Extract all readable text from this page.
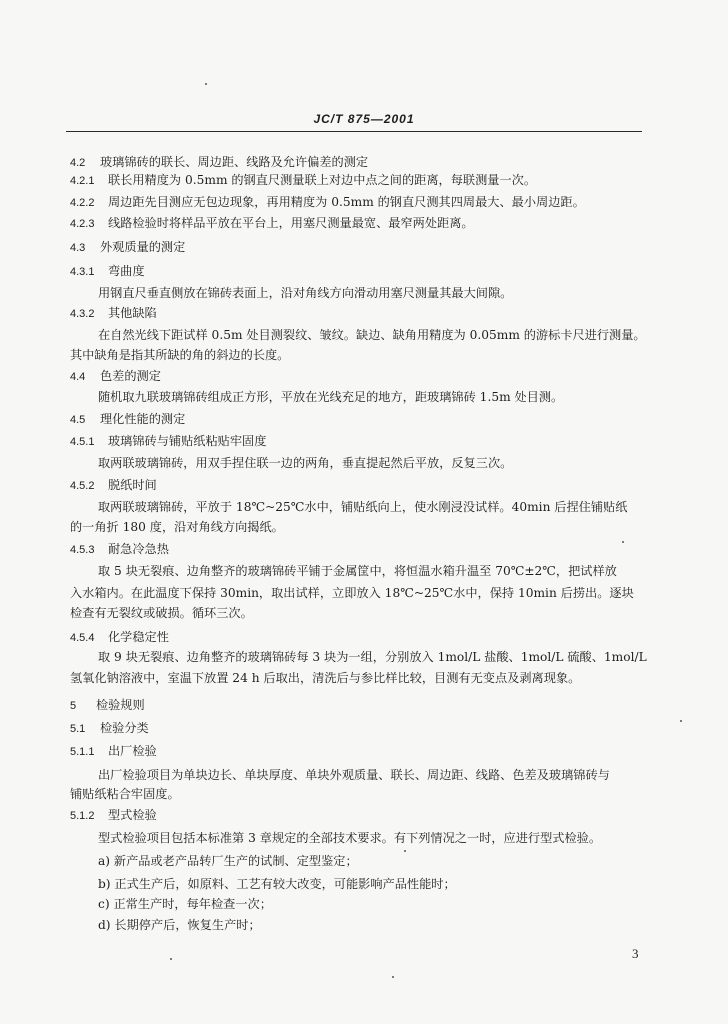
JC/T 875—2001
4.2 玻璃锦砖的联长、周边距、线路及允许偏差的测定
4.2.1 联长用精度为 0.5mm 的钢直尺测量联上对边中点之间的距离，每联测量一次。
4.2.2 周边距先目测应无包边现象，再用精度为 0.5mm 的钢直尺测其四周最大、最小周边距。
4.2.3 线路检验时将样品平放在平台上，用塞尺测量最宽、最窄两处距离。
4.3 外观质量的测定
4.3.1 弯曲度
用钢直尺垂直侧放在锦砖表面上，沿对角线方向滑动用塞尺测量其最大间隙。
4.3.2 其他缺陷
在自然光线下距试样 0.5m 处目测裂纹、皱纹。缺边、缺角用精度为 0.05mm 的游标卡尺进行测量。
其中缺角是指其所缺的角的斜边的长度。
4.4 色差的测定
随机取九联玻璃锦砖组成正方形，平放在光线充足的地方，距玻璃锦砖 1.5m 处目测。
4.5 理化性能的测定
4.5.1 玻璃锦砖与铺贴纸粘贴牢固度
取两联玻璃锦砖，用双手捏住联一边的两角，垂直提起然后平放，反复三次。
4.5.2 脱纸时间
取两联玻璃锦砖，平放于 18℃~25℃水中，铺贴纸向上，使水刚浸没试样。40min 后捏住铺贴纸
的一角折 180 度，沿对角线方向揭纸。
4.5.3 耐急冷急热
取 5 块无裂痕、边角整齐的玻璃锦砖平铺于金属筐中，将恒温水箱升温至 70℃±2℃，把试样放
入水箱内。在此温度下保持 30min，取出试样，立即放入 18℃~25℃水中，保持 10min 后捞出。逐块
检查有无裂纹或破损。循环三次。
4.5.4 化学稳定性
取 9 块无裂痕、边角整齐的玻璃锦砖每 3 块为一组，分别放入 1mol/L 盐酸、1mol/L 硫酸、1mol/L
氢氧化钠溶液中，室温下放置 24 h 后取出，清洗后与参比样比较，目测有无变点及剥离现象。
5 检验规则
5.1 检验分类
5.1.1 出厂检验
出厂检验项目为单块边长、单块厚度、单块外观质量、联长、周边距、线路、色差及玻璃锦砖与
铺贴纸粘合牢固度。
5.1.2 型式检验
型式检验项目包括本标准第 3 章规定的全部技术要求。有下列情况之一时，应进行型式检验。
a) 新产品或老产品转厂生产的试制、定型鉴定；
b) 正式生产后，如原料、工艺有较大改变，可能影响产品性能时；
c) 正常生产时，每年检查一次；
d) 长期停产后，恢复生产时；
3
